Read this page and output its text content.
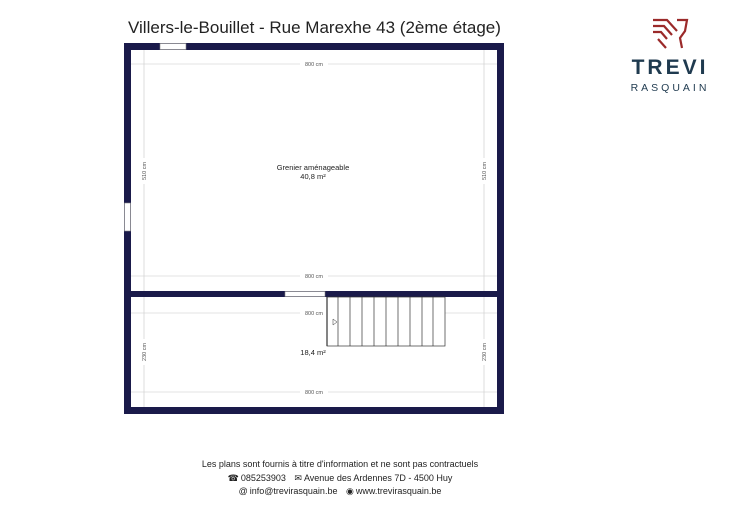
Villers-le-Bouillet - Rue Marexhe 43 (2ème étage)
TREVI
RASQUAIN
800 cm
800 cm
800 cm
800 cm
510 cm	510 cm
230 cm	230 cm
Grenier aménageable
40,8 m²
18,4 m²
Les plans sont fournis à titre d'information et ne sont pas contractuels
☎ 085253903 ✉ Avenue des Ardennes 7D - 4500 Huy
@ info@trevirasquain.be ◉ www.trevirasquain.be
